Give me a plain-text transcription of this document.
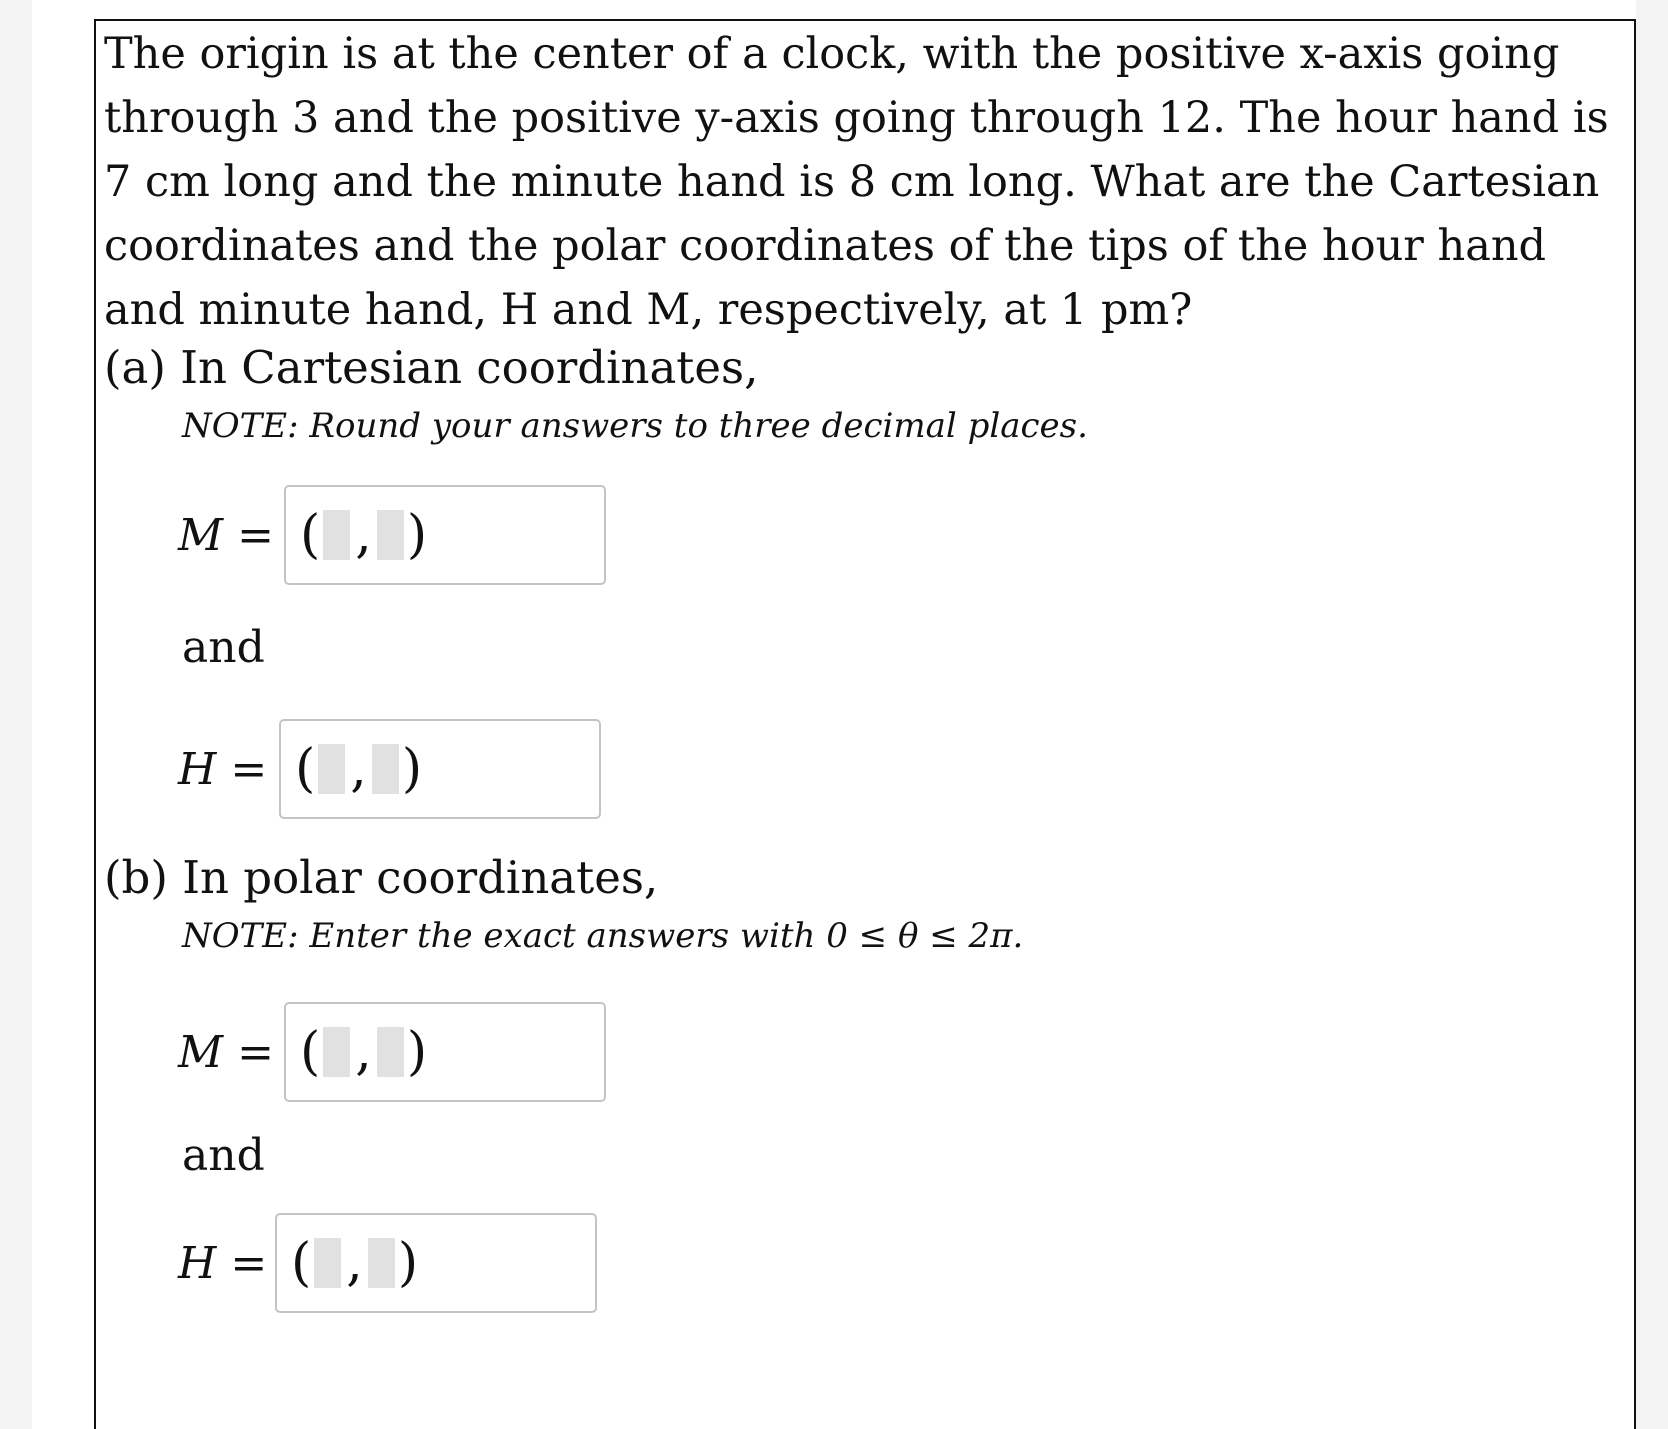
The origin is at the center of a clock, with the positive x-axis going through 3 and the positive y-axis going through 12. The hour hand is 7 cm long and the minute hand is 8 cm long. What are the Cartesian coordinates and the polar coordinates of the tips of the hour hand and minute hand, H and M, respectively, at 1 pm?

(a) In Cartesian coordinates,

NOTE: Round your answers to three decimal places.

M = ( , )
and
H = ( , )

(b) In polar coordinates,

NOTE: Enter the exact answers with 0 ≤ θ ≤ 2π.

M = ( , )
and
H = ( , )
